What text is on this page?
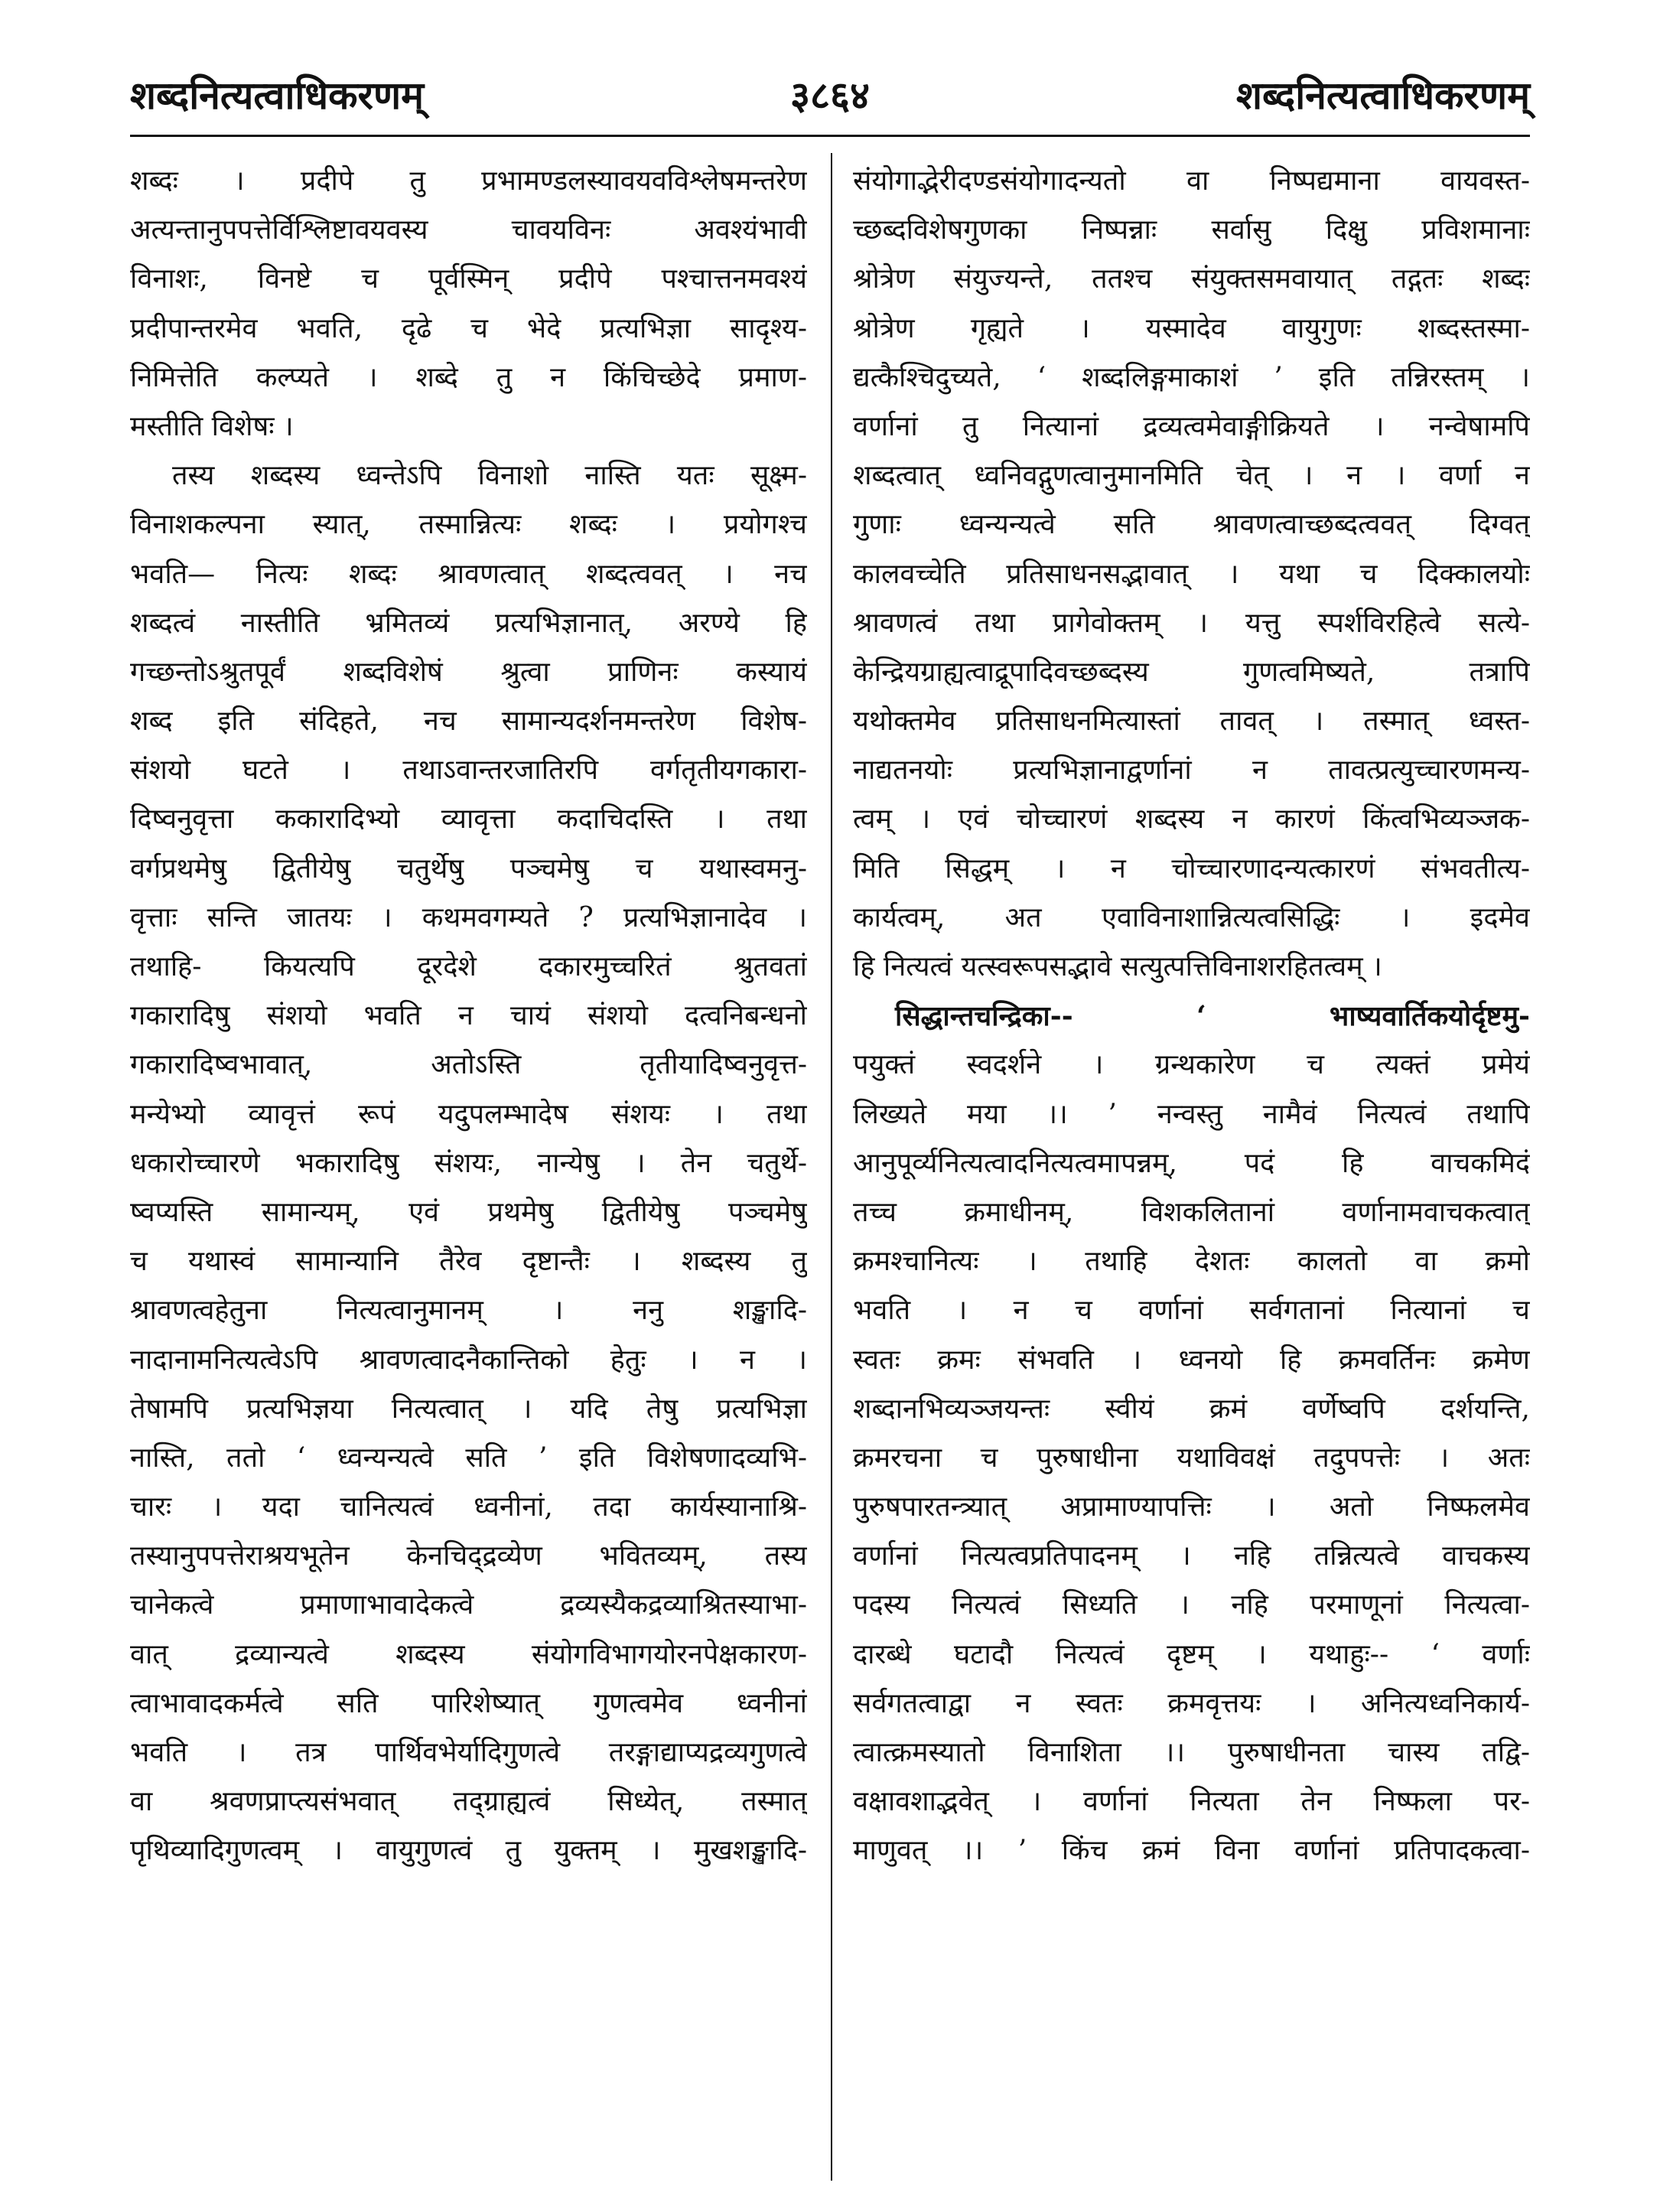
शब्दनित्यत्वाधिकरणम्	३८६४	शब्दनित्यत्वाधिकरणम्
शब्दः । प्रदीपे तु प्रभामण्डलस्यावयवविश्लेषमन्तरेण
अत्यन्तानुपपत्तेर्विश्लिष्टावयवस्य चावयविनः अवश्यंभावी
विनाशः, विनष्टे च पूर्वस्मिन् प्रदीपे पश्चात्तनमवश्यं
प्रदीपान्तरमेव भवति, दृढे च भेदे प्रत्यभिज्ञा सादृश्य-
निमित्तेति कल्प्यते । शब्दे तु न किंचिच्छेदे प्रमाण-
मस्तीति विशेषः ।
तस्य शब्दस्य ध्वन्तेऽपि विनाशो नास्ति यतः सूक्ष्म-
विनाशकल्पना स्यात्, तस्मान्नित्यः शब्दः । प्रयोगश्च
भवति— नित्यः शब्दः श्रावणत्वात् शब्दत्ववत् । नच
शब्दत्वं नास्तीति भ्रमितव्यं प्रत्यभिज्ञानात्, अरण्ये हि
गच्छन्तोऽश्रुतपूर्वं शब्दविशेषं श्रुत्वा प्राणिनः कस्यायं
शब्द इति संदिहते, नच सामान्यदर्शनमन्तरेण विशेष-
संशयो घटते । तथाऽवान्तरजातिरपि वर्गतृतीयगकारा-
दिष्वनुवृत्ता ककारादिभ्यो व्यावृत्ता कदाचिदस्ति । तथा
वर्गप्रथमेषु द्वितीयेषु चतुर्थेषु पञ्चमेषु च यथास्वमनु-
वृत्ताः सन्ति जातयः । कथमवगम्यते ? प्रत्यभिज्ञानादेव ।
तथाहि- कियत्यपि दूरदेशे दकारमुच्चरितं श्रुतवतां
गकारादिषु संशयो भवति न चायं संशयो दत्वनिबन्धनो
गकारादिष्वभावात्, अतोऽस्ति तृतीयादिष्वनुवृत्त-
मन्येभ्यो व्यावृत्तं रूपं यदुपलम्भादेष संशयः । तथा
धकारोच्चारणे भकारादिषु संशयः, नान्येषु । तेन चतुर्थे-
ष्वप्यस्ति सामान्यम्, एवं प्रथमेषु द्वितीयेषु पञ्चमेषु
च यथास्वं सामान्यानि तैरेव दृष्टान्तैः । शब्दस्य तु
श्रावणत्वहेतुना नित्यत्वानुमानम् । ननु शङ्खादि-
नादानामनित्यत्वेऽपि श्रावणत्वादनैकान्तिको हेतुः । न ।
तेषामपि प्रत्यभिज्ञया नित्यत्वात् । यदि तेषु प्रत्यभिज्ञा
नास्ति, ततो ‘ ध्वन्यन्यत्वे सति ’ इति विशेषणादव्यभि-
चारः । यदा चानित्यत्वं ध्वनीनां, तदा कार्यस्यानाश्रि-
तस्यानुपपत्तेराश्रयभूतेन केनचिद्द्रव्येण भवितव्यम्, तस्य
चानेकत्वे प्रमाणाभावादेकत्वे द्रव्यस्यैकद्रव्याश्रितस्याभा-
वात् द्रव्यान्यत्वे शब्दस्य संयोगविभागयोरनपेक्षकारण-
त्वाभावादकर्मत्वे सति पारिशेष्यात् गुणत्वमेव ध्वनीनां
भवति । तत्र पार्थिवभेर्यादिगुणत्वे तरङ्गाद्याप्यद्रव्यगुणत्वे
वा श्रवणप्राप्त्यसंभवात् तद्ग्राह्यत्वं सिध्येत्, तस्मात्
पृथिव्यादिगुणत्वम् । वायुगुणत्वं तु युक्तम् । मुखशङ्खादि-
संयोगाद्भेरीदण्डसंयोगादन्यतो वा निष्पद्यमाना वायवस्त-
च्छब्दविशेषगुणका निष्पन्नाः सर्वासु दिक्षु प्रविशमानाः
श्रोत्रेण संयुज्यन्ते, ततश्च संयुक्तसमवायात् तद्गतः शब्दः
श्रोत्रेण गृह्यते । यस्मादेव वायुगुणः शब्दस्तस्मा-
द्यत्कैश्चिदुच्यते, ‘ शब्दलिङ्गमाकाशं ’ इति तन्निरस्तम् ।
वर्णानां तु नित्यानां द्रव्यत्वमेवाङ्गीक्रियते । नन्वेषामपि
शब्दत्वात् ध्वनिवद्गुणत्वानुमानमिति चेत् । न । वर्णा न
गुणाः ध्वन्यन्यत्वे सति श्रावणत्वाच्छब्दत्ववत् दिग्वत्
कालवच्चेति प्रतिसाधनसद्भावात् । यथा च दिक्कालयोः
श्रावणत्वं तथा प्रागेवोक्तम् । यत्तु स्पर्शविरहित्वे सत्ये-
केन्द्रियग्राह्यत्वाद्रूपादिवच्छब्दस्य गुणत्वमिष्यते, तत्रापि
यथोक्तमेव प्रतिसाधनमित्यास्तां तावत् । तस्मात् ध्वस्त-
नाद्यतनयोः प्रत्यभिज्ञानाद्वर्णानां न तावत्प्रत्युच्चारणमन्य-
त्वम् । एवं चोच्चारणं शब्दस्य न कारणं किंत्वभिव्यञ्जक-
मिति सिद्धम् । न चोच्चारणादन्यत्कारणं संभवतीत्य-
कार्यत्वम्, अत एवाविनाशान्नित्यत्वसिद्धिः । इदमेव
हि नित्यत्वं यत्स्वरूपसद्भावे सत्युत्पत्तिविनाशरहितत्वम् ।
सिद्धान्तचन्द्रिका-- ‘ भाष्यवार्तिकयोर्दृष्टमु-
पयुक्तं स्वदर्शने । ग्रन्थकारेण च त्यक्तं प्रमेयं
लिख्यते मया ।। ’ नन्वस्तु नामैवं नित्यत्वं तथापि
आनुपूर्व्यनित्यत्वादनित्यत्वमापन्नम्, पदं हि वाचकमिदं
तच्च क्रमाधीनम्, विशकलितानां वर्णानामवाचकत्वात्
क्रमश्चानित्यः । तथाहि देशतः कालतो वा क्रमो
भवति । न च वर्णानां सर्वगतानां नित्यानां च
स्वतः क्रमः संभवति । ध्वनयो हि क्रमवर्तिनः क्रमेण
शब्दानभिव्यञ्जयन्तः स्वीयं क्रमं वर्णेष्वपि दर्शयन्ति,
क्रमरचना च पुरुषाधीना यथाविवक्षं तदुपपत्तेः । अतः
पुरुषपारतन्त्र्यात् अप्रामाण्यापत्तिः । अतो निष्फलमेव
वर्णानां नित्यत्वप्रतिपादनम् । नहि तन्नित्यत्वे वाचकस्य
पदस्य नित्यत्वं सिध्यति । नहि परमाणूनां नित्यत्वा-
दारब्धे घटादौ नित्यत्वं दृष्टम् । यथाहुः-- ‘ वर्णाः
सर्वगतत्वाद्वा न स्वतः क्रमवृत्तयः । अनित्यध्वनिकार्य-
त्वात्क्रमस्यातो विनाशिता ।। पुरुषाधीनता चास्य तद्वि-
वक्षावशाद्भवेत् । वर्णानां नित्यता तेन निष्फला पर-
माणुवत् ।। ’ किंच क्रमं विना वर्णानां प्रतिपादकत्वा-
